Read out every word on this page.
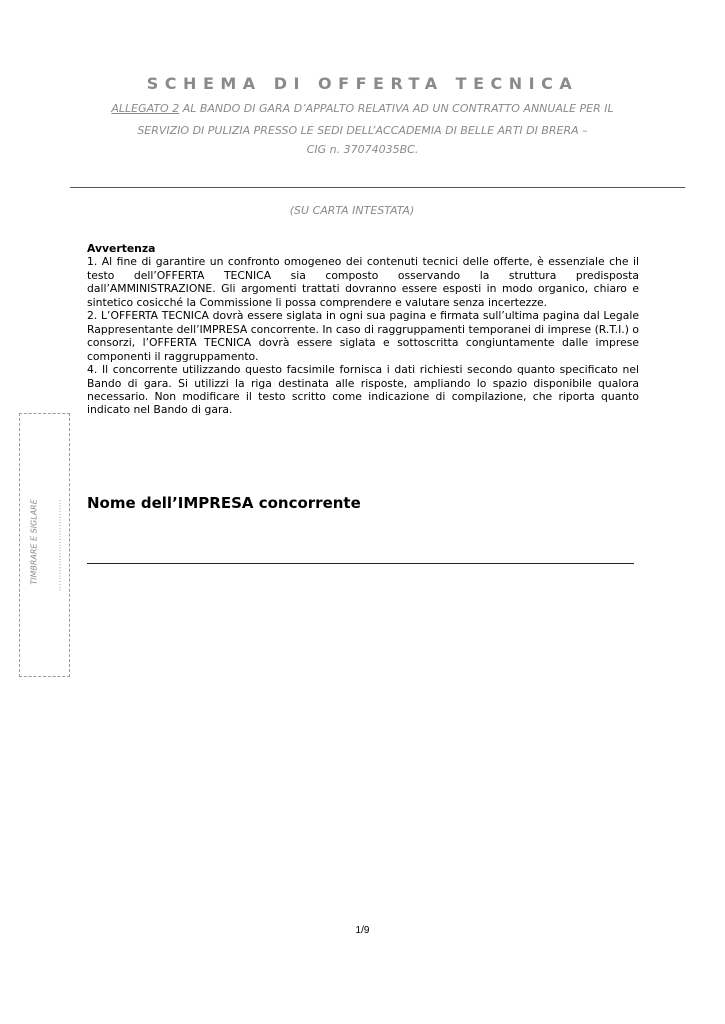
SCHEMA DI OFFERTA TECNICA
ALLEGATO 2 AL BANDO DI GARA D’APPALTO RELATIVA AD UN CONTRATTO ANNUALE PER IL
SERVIZIO DI PULIZIA PRESSO LE SEDI DELL’ACCADEMIA DI BELLE ARTI DI BRERA –
CIG n. 37074035BC.
(SU CARTA INTESTATA)

Avvertenza

1. Al fine di garantire un confronto omogeneo dei contenuti tecnici delle offerte, è essenziale che il testo dell’OFFERTA TECNICA sia composto osservando la struttura predisposta dall’AMMINISTRAZIONE. Gli argomenti trattati dovranno essere esposti in modo organico, chiaro e sintetico cosicché la Commissione li possa comprendere e valutare senza incertezze.

2. L’OFFERTA TECNICA dovrà essere siglata in ogni sua pagina e firmata sull’ultima pagina dal Legale Rappresentante dell’IMPRESA concorrente. In caso di raggruppamenti temporanei di imprese (R.T.I.) o consorzi, l’OFFERTA TECNICA dovrà essere siglata e sottoscritta congiuntamente dalle imprese componenti il raggruppamento.

4. Il concorrente utilizzando questo facsimile fornisca i dati richiesti secondo quanto specificato nel Bando di gara. Si utilizzi la riga destinata alle risposte, ampliando lo spazio disponibile qualora necessario. Non modificare il testo scritto come indicazione di compilazione, che riporta quanto indicato nel Bando di gara.

Nome dell’IMPRESA concorrente
TIMBRARE E SIGLARE ……………………………
1/9
